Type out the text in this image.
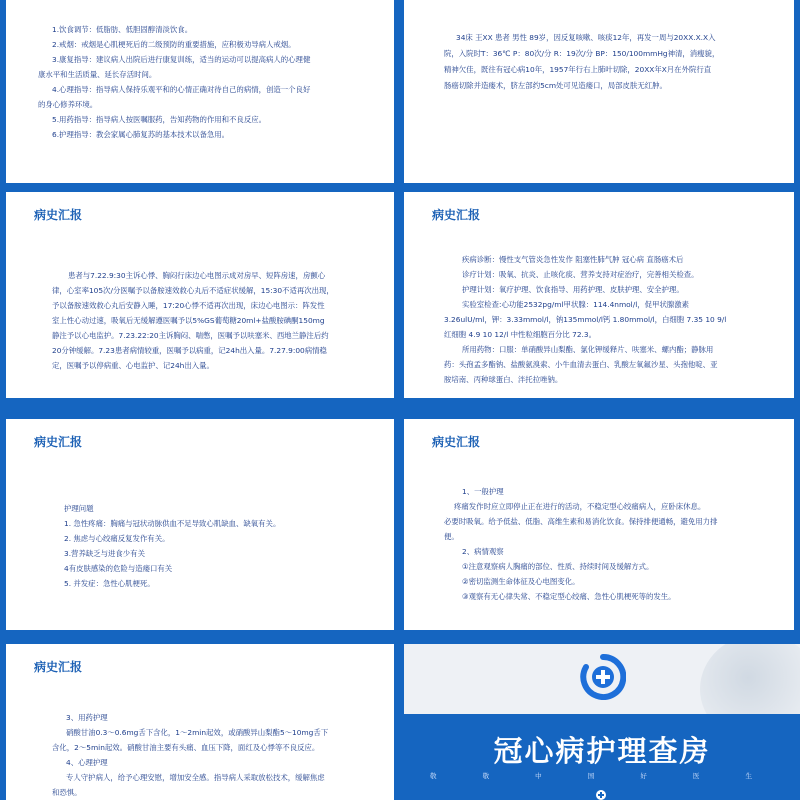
1.饮食调节：低脂肪、低胆固醇清淡饮食。

2.戒烟：戒烟是心肌梗死后的二级预防的重要措施，应积极劝导病人戒烟。

3.康复指导：建议病人出院后进行康复训练，适当的运动可以提高病人的心理健

康水平和生活质量、延长存活时间。

4.心理指导：指导病人保持乐观平和的心情正确对待自己的病情，创造一个良好

的身心修养环境。

5.用药指导：指导病人按医嘱服药，告知药物的作用和不良反应。

6.护理指导：教会家属心肺复苏的基本技术以备急用。

34床 王XX 患者 男性 89岁，因反复咳嗽、咳痰12年，再发一周与20XX.X.X入

院，入院时T：36℃ P：80次/分 R：19次/分 BP：150/100mmHg神清，消瘦貌，

精神欠佳，既往有冠心病10年，1957年行右上肺叶切除，20XX年X月在外院行直

肠癌切除并造瘘术，脐左部约5cm处可见造瘘口，局部皮肤无红肿。

病史汇报

患者与7.22.9:30主诉心悸、胸闷行床边心电图示成对房早、短阵房速，房颤心

律，心室率105次/分医嘱予以备胺速效救心丸后不适症状缓解，15:30不适再次出现，

予以备胺速效救心丸后安静入睡，17:20心悸不适再次出现，床边心电图示：阵发性

室上性心动过速，吸氧后无缓解遵医嘱予以5%GS葡萄糖20ml+盐酸胺碘酮150mg

静注予以心电监护。7.23.22:20主诉胸闷、喘憋，医嘱予以呋塞米、西地兰静注后约

20分钟缓解。7.23患者病情较重，医嘱予以病重，记24h出入量。7.27.9:00病情稳

定，医嘱予以停病重、心电监护、记24h出入量。

病史汇报

疾病诊断：慢性支气管炎急性发作 阻塞性肺气肿 冠心病 直肠癌术后

诊疗计划：吸氧、抗炎、止咳化痰、营养支持对症治疗，完善相关检查。

护理计划：氧疗护理、饮食指导、用药护理、皮肤护理、安全护理。

实验室检查:心功能2532pg/ml甲状腺：114.4nmol/l，促甲状腺激素

3.26ulU/ml，钾：3.33mmol/l，钠135mmol/l钙 1.80mmol/l，白细胞 7.35 10 9/l

红细胞 4.9 10 12/l 中性粒细胞百分比 72.3。

所用药物：口服：单硝酸异山梨酯、氯化钾缓释片、呋塞米、螺内酯；静脉用

药：头孢孟多酯钠、盐酸氨溴索、小牛血清去蛋白、乳酸左氧氟沙星、头孢他啶、亚

胺培南、丙种球蛋白、泮托拉唑钠。

病史汇报

护理问题

1. 急性疼痛：胸痛与冠状动脉供血不足导致心肌缺血、缺氧有关。

2. 焦虑与心绞痛反复发作有关。

3.营养缺乏与进食少有关

4有皮肤感染的危险与造瘘口有关

5. 并发症：急性心肌梗死。

病史汇报

1、一般护理

疼痛发作时应立即停止正在进行的活动，不稳定型心绞痛病人，应卧床休息。

必要时吸氧。给予低盐、低脂、高维生素和易消化饮食。保持排便通畅，避免用力排

便。

2、病情观察

①注意观察病人胸痛的部位、性质、持续时间及缓解方式。

②密切监测生命体征及心电图变化。

③观察有无心律失常、不稳定型心绞痛、急性心肌梗死等的发生。

病史汇报

3、用药护理

硝酸甘油0.3～0.6mg舌下含化，1～2min起效，或硝酸异山梨酯5～10mg舌下

含化，2～5min起效。硝酸甘油主要有头痛、血压下降，面红及心悸等不良反应。

4、心理护理

专人守护病人，给予心理安慰，增加安全感。指导病人采取放松技术，缓解焦虑

和恐惧。

冠心病护理查房
敬 敬 中 国 好 医 生
